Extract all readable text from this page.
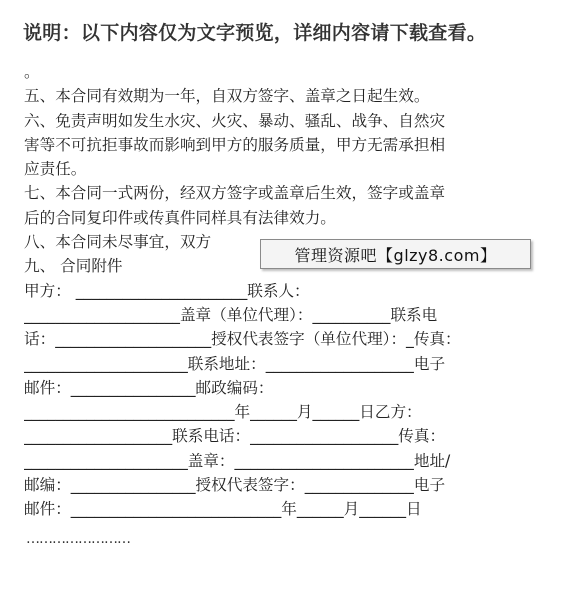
说明：以下内容仅为文字预览，详细内容请下载查看。
。
五、本合同有效期为一年，自双方签字、盖章之日起生效。
六、免责声明如发生水灾、火灾、暴动、骚乱、战争、自然灾
害等不可抗拒事故而影响到甲方的服务质量，甲方无需承担相
应责任。
七、本合同一式两份，经双方签字或盖章后生效，签字或盖章
后的合同复印件或传真件同样具有法律效力。
八、本合同未尽事宜，双方
九、 合同附件
甲方： ______________________联系人：
____________________盖章（单位代理）：__________联系电
话：____________________授权代表签字（单位代理）：_传真：
_____________________联系地址：___________________电子
邮件：________________邮政编码：
___________________________年______月______日乙方：
___________________联系电话：___________________传真：
_____________________盖章：_______________________地址/
邮编：________________授权代表签字：______________电子
邮件：___________________________年______月______日
……………………
管理资源吧【glzy8.com】
